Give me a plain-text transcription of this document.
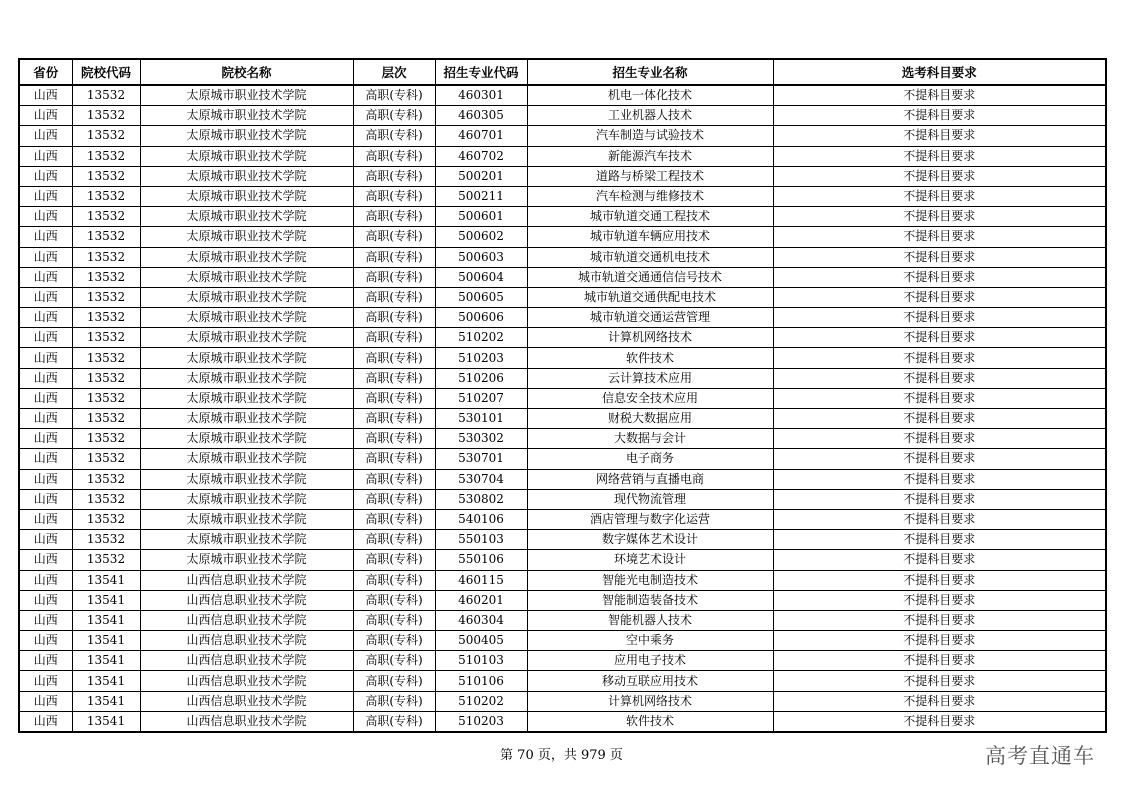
省份	院校代码	院校名称	层次	招生专业代码	招生专业名称	选考科目要求
山西	13532	太原城市职业技术学院	高职(专科)	460301	机电一体化技术	不提科目要求
山西	13532	太原城市职业技术学院	高职(专科)	460305	工业机器人技术	不提科目要求
山西	13532	太原城市职业技术学院	高职(专科)	460701	汽车制造与试验技术	不提科目要求
山西	13532	太原城市职业技术学院	高职(专科)	460702	新能源汽车技术	不提科目要求
山西	13532	太原城市职业技术学院	高职(专科)	500201	道路与桥梁工程技术	不提科目要求
山西	13532	太原城市职业技术学院	高职(专科)	500211	汽车检测与维修技术	不提科目要求
山西	13532	太原城市职业技术学院	高职(专科)	500601	城市轨道交通工程技术	不提科目要求
山西	13532	太原城市职业技术学院	高职(专科)	500602	城市轨道车辆应用技术	不提科目要求
山西	13532	太原城市职业技术学院	高职(专科)	500603	城市轨道交通机电技术	不提科目要求
山西	13532	太原城市职业技术学院	高职(专科)	500604	城市轨道交通通信信号技术	不提科目要求
山西	13532	太原城市职业技术学院	高职(专科)	500605	城市轨道交通供配电技术	不提科目要求
山西	13532	太原城市职业技术学院	高职(专科)	500606	城市轨道交通运营管理	不提科目要求
山西	13532	太原城市职业技术学院	高职(专科)	510202	计算机网络技术	不提科目要求
山西	13532	太原城市职业技术学院	高职(专科)	510203	软件技术	不提科目要求
山西	13532	太原城市职业技术学院	高职(专科)	510206	云计算技术应用	不提科目要求
山西	13532	太原城市职业技术学院	高职(专科)	510207	信息安全技术应用	不提科目要求
山西	13532	太原城市职业技术学院	高职(专科)	530101	财税大数据应用	不提科目要求
山西	13532	太原城市职业技术学院	高职(专科)	530302	大数据与会计	不提科目要求
山西	13532	太原城市职业技术学院	高职(专科)	530701	电子商务	不提科目要求
山西	13532	太原城市职业技术学院	高职(专科)	530704	网络营销与直播电商	不提科目要求
山西	13532	太原城市职业技术学院	高职(专科)	530802	现代物流管理	不提科目要求
山西	13532	太原城市职业技术学院	高职(专科)	540106	酒店管理与数字化运营	不提科目要求
山西	13532	太原城市职业技术学院	高职(专科)	550103	数字媒体艺术设计	不提科目要求
山西	13532	太原城市职业技术学院	高职(专科)	550106	环境艺术设计	不提科目要求
山西	13541	山西信息职业技术学院	高职(专科)	460115	智能光电制造技术	不提科目要求
山西	13541	山西信息职业技术学院	高职(专科)	460201	智能制造装备技术	不提科目要求
山西	13541	山西信息职业技术学院	高职(专科)	460304	智能机器人技术	不提科目要求
山西	13541	山西信息职业技术学院	高职(专科)	500405	空中乘务	不提科目要求
山西	13541	山西信息职业技术学院	高职(专科)	510103	应用电子技术	不提科目要求
山西	13541	山西信息职业技术学院	高职(专科)	510106	移动互联应用技术	不提科目要求
山西	13541	山西信息职业技术学院	高职(专科)	510202	计算机网络技术	不提科目要求
山西	13541	山西信息职业技术学院	高职(专科)	510203	软件技术	不提科目要求
第 70 页，共 979 页	高考直通车
